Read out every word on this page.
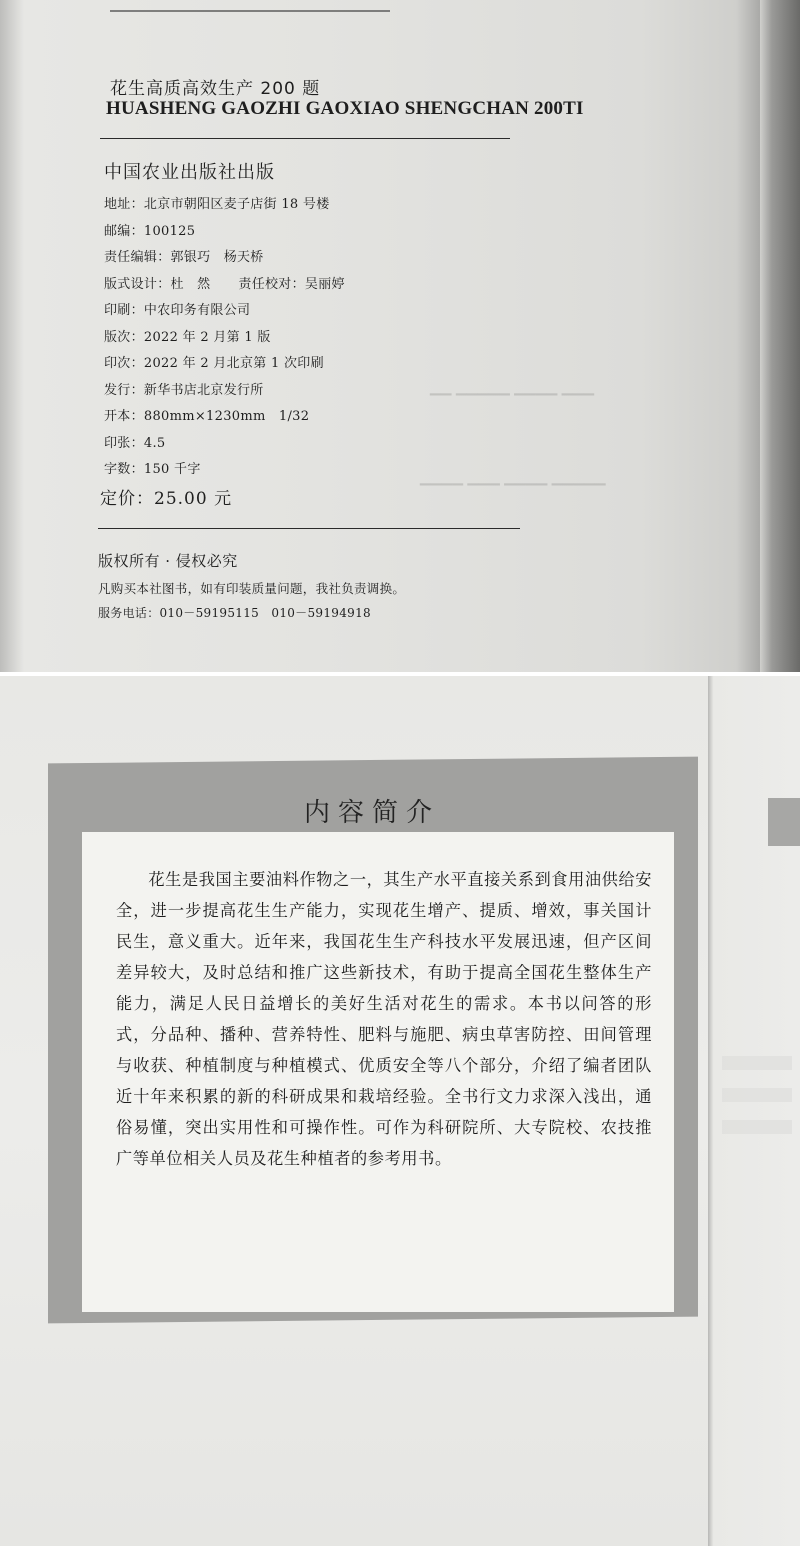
▁▁▁ ▁▁▁▁ ▁▁▁▁▁ ▁▁
▁▁▁▁▁ ▁▁▁▁ ▁▁▁ ▁▁▁▁
花生高质高效生产 200 题
HUASHENG GAOZHI GAOXIAO SHENGCHAN 200TI
中国农业出版社出版
地址：北京市朝阳区麦子店街 18 号楼
邮编：100125
责任编辑：郭银巧　杨天桥
版式设计：杜　然 责任校对：吴丽婷
印刷：中农印务有限公司
版次：2022 年 2 月第 1 版
印次：2022 年 2 月北京第 1 次印刷
发行：新华书店北京发行所
开本：880mm×1230mm　1/32
印张：4.5
字数：150 千字
定价：25.00 元
版权所有 · 侵权必究
凡购买本社图书，如有印装质量问题，我社负责调换。
服务电话：010－59195115　010－59194918
内容简介

花生是我国主要油料作物之一，其生产水平直接关系到食用油供给安全，进一步提高花生生产能力，实现花生增产、提质、增效，事关国计民生，意义重大。近年来，我国花生生产科技水平发展迅速，但产区间差异较大，及时总结和推广这些新技术，有助于提高全国花生整体生产能力，满足人民日益增长的美好生活对花生的需求。本书以问答的形式，分品种、播种、营养特性、肥料与施肥、病虫草害防控、田间管理与收获、种植制度与种植模式、优质安全等八个部分，介绍了编者团队近十年来积累的新的科研成果和栽培经验。全书行文力求深入浅出，通俗易懂，突出实用性和可操作性。可作为科研院所、大专院校、农技推广等单位相关人员及花生种植者的参考用书。
